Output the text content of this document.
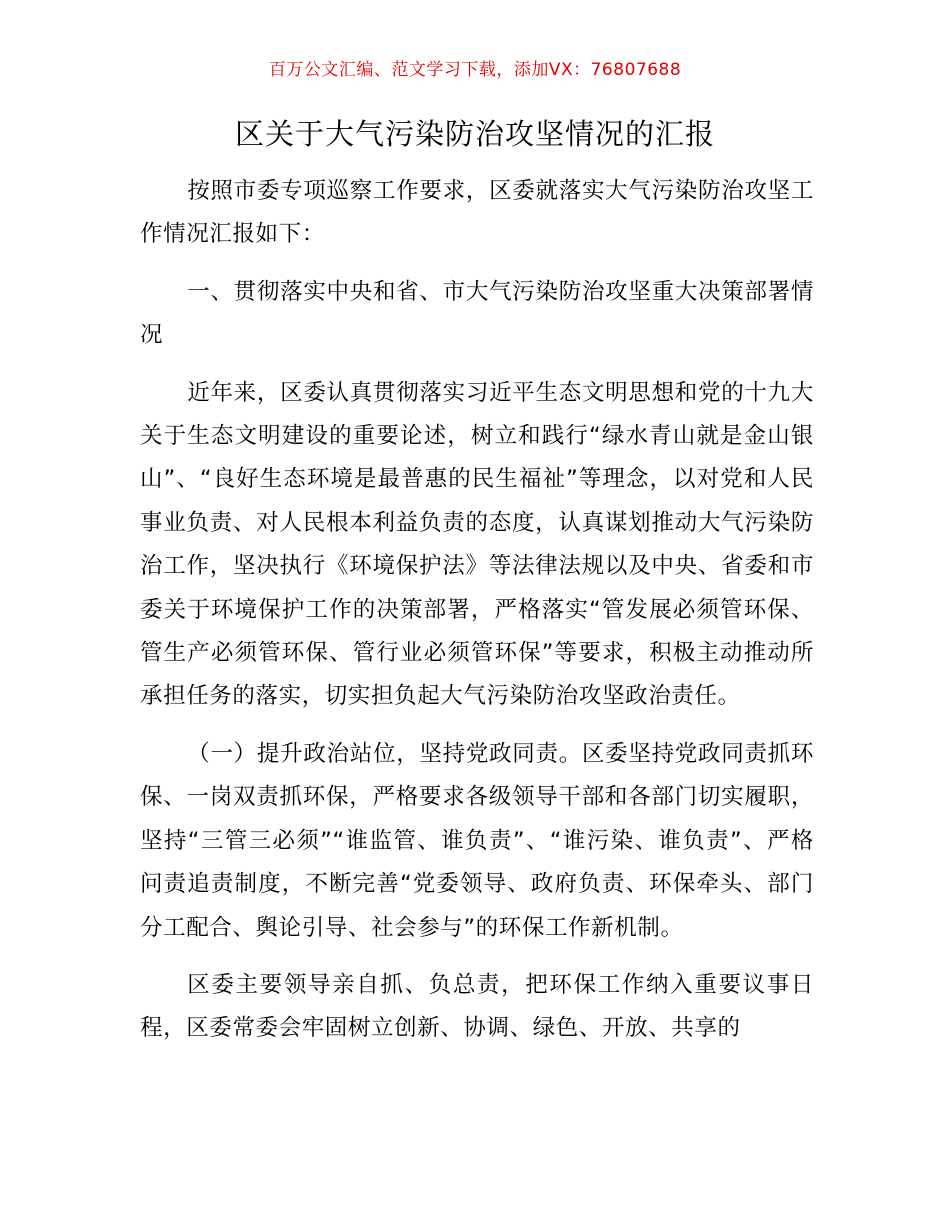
百万公文汇编、范文学习下载，添加VX：76807688
区关于大气污染防治攻坚情况的汇报

按照市委专项巡察工作要求，区委就落实大气污染防治攻坚工作情况汇报如下：

一、贯彻落实中央和省、市大气污染防治攻坚重大决策部署情况

近年来，区委认真贯彻落实习近平生态文明思想和党的十九大关于生态文明建设的重要论述，树立和践行“绿水青山就是金山银山”、“良好生态环境是最普惠的民生福祉”等理念，以对党和人民事业负责、对人民根本利益负责的态度，认真谋划推动大气污染防治工作，坚决执行《环境保护法》等法律法规以及中央、省委和市委关于环境保护工作的决策部署，严格落实“管发展必须管环保、管生产必须管环保、管行业必须管环保”等要求，积极主动推动所承担任务的落实，切实担负起大气污染防治攻坚政治责任。

（一）提升政治站位，坚持党政同责。区委坚持党政同责抓环保、一岗双责抓环保，严格要求各级领导干部和各部门切实履职，坚持“三管三必须”“谁监管、谁负责”、“谁污染、谁负责”、严格问责追责制度，不断完善“党委领导、政府负责、环保牵头、部门分工配合、舆论引导、社会参与”的环保工作新机制。

区委主要领导亲自抓、负总责，把环保工作纳入重要议事日程，区委常委会牢固树立创新、协调、绿色、开放、共享的
